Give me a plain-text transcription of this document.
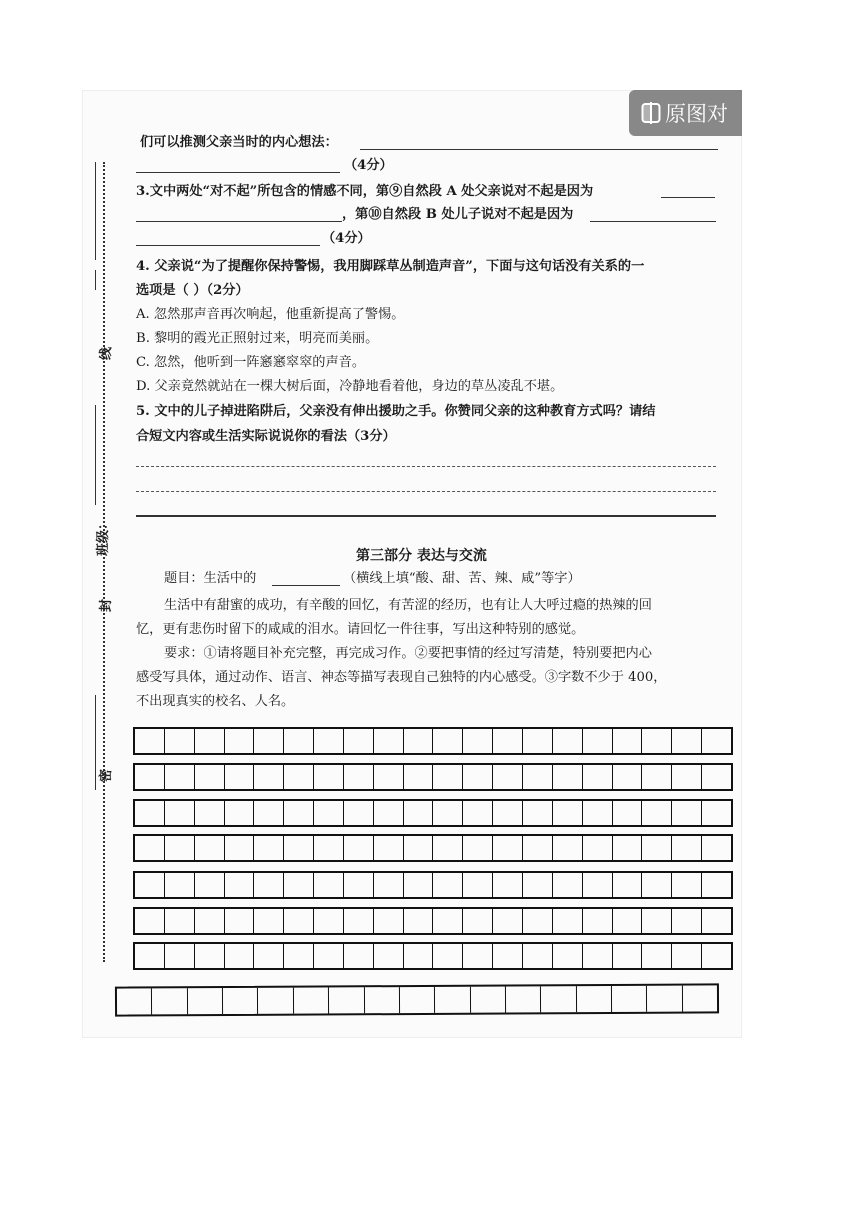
原图对
班级：
线
封
密
们可以推测父亲当时的内心想法：
（4分）
3.文中两处“对不起”所包含的情感不同，第⑨自然段 A 处父亲说对不起是因为
，第⑩自然段 B 处儿子说对不起是因为
（4分）
4. 父亲说“为了提醒你保持警惕，我用脚踩草丛制造声音”，下面与这句话没有关系的一
选项是（ ）（2分）
A. 忽然那声音再次响起，他重新提高了警惕。
B. 黎明的霞光正照射过来，明亮而美丽。
C. 忽然，他听到一阵窸窸窣窣的声音。
D. 父亲竟然就站在一棵大树后面，冷静地看着他，身边的草丛凌乱不堪。
5. 文中的儿子掉进陷阱后，父亲没有伸出援助之手。你赞同父亲的这种教育方式吗？请结
合短文内容或生活实际说说你的看法（3分）
第三部分 表达与交流
题目：生活中的	（横线上填“酸、甜、苦、辣、咸”等字）
生活中有甜蜜的成功，有辛酸的回忆，有苦涩的经历，也有让人大呼过瘾的热辣的回
忆，更有悲伤时留下的咸咸的泪水。请回忆一件往事，写出这种特别的感觉。
要求：①请将题目补充完整，再完成习作。②要把事情的经过写清楚，特别要把内心
感受写具体，通过动作、语言、神态等描写表现自己独特的内心感受。③字数不少于 400，
不出现真实的校名、人名。
